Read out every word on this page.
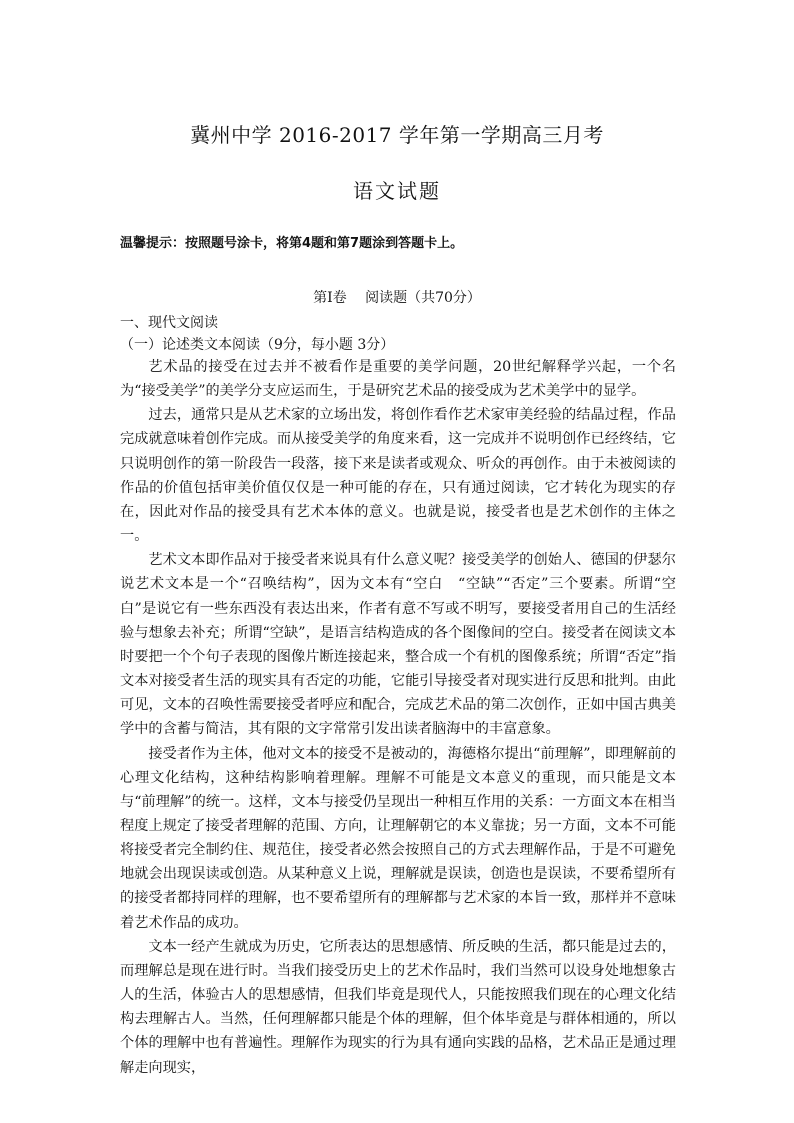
冀州中学 2016-2017 学年第一学期高三月考
语文试题
温馨提示：按照题号涂卡，将第4题和第7题涂到答题卡上。
第Ⅰ卷　 阅读题（共70分）
一、现代文阅读
（一）论述类文本阅读（9分，每小题 3分）

艺术品的接受在过去并不被看作是重要的美学问题，20世纪解释学兴起，一个名为“接受美学”的美学分支应运而生，于是研究艺术品的接受成为艺术美学中的显学。

过去，通常只是从艺术家的立场出发，将创作看作艺术家审美经验的结晶过程，作品完成就意味着创作完成。而从接受美学的角度来看，这一完成并不说明创作已经终结，它只说明创作的第一阶段告一段落，接下来是读者或观众、听众的再创作。由于未被阅读的作品的价值包括审美价值仅仅是一种可能的存在，只有通过阅读，它才转化为现实的存在，因此对作品的接受具有艺术本体的意义。也就是说，接受者也是艺术创作的主体之一。

艺术文本即作品对于接受者来说具有什么意义呢？接受美学的创始人、德国的伊瑟尔说艺术文本是一个“召唤结构”，因为文本有“空白　“空缺”“否定”三个要素。所谓“空白”是说它有一些东西没有表达出来，作者有意不写或不明写，要接受者用自己的生活经验与想象去补充；所谓“空缺”，是语言结构造成的各个图像间的空白。接受者在阅读文本时要把一个个句子表现的图像片断连接起来，整合成一个有机的图像系统；所谓“否定”指文本对接受者生活的现实具有否定的功能，它能引导接受者对现实进行反思和批判。由此可见，文本的召唤性需要接受者呼应和配合，完成艺术品的第二次创作，正如中国古典美学中的含蓄与简洁，其有限的文字常常引发出读者脑海中的丰富意象。

接受者作为主体，他对文本的接受不是被动的，海德格尔提出“前理解”，即理解前的心理文化结构，这种结构影响着理解。理解不可能是文本意义的重现，而只能是文本与“前理解”的统一。这样，文本与接受仍呈现出一种相互作用的关系：一方面文本在相当程度上规定了接受者理解的范围、方向，让理解朝它的本义靠拢；另一方面，文本不可能将接受者完全制约住、规范住，接受者必然会按照自己的方式去理解作品，于是不可避免地就会出现误读或创造。从某种意义上说，理解就是误读，创造也是误读，不要希望所有的接受者都持同样的理解，也不要希望所有的理解都与艺术家的本旨一致，那样并不意味着艺术作品的成功。

文本一经产生就成为历史，它所表达的思想感情、所反映的生活，都只能是过去的，而理解总是现在进行时。当我们接受历史上的艺术作品时，我们当然可以设身处地想象古人的生活，体验古人的思想感情，但我们毕竟是现代人，只能按照我们现在的心理文化结构去理解古人。当然，任何理解都只能是个体的理解，但个体毕竟是与群体相通的，所以个体的理解中也有普遍性。理解作为现实的行为具有通向实践的品格，艺术品正是通过理解走向现实，
